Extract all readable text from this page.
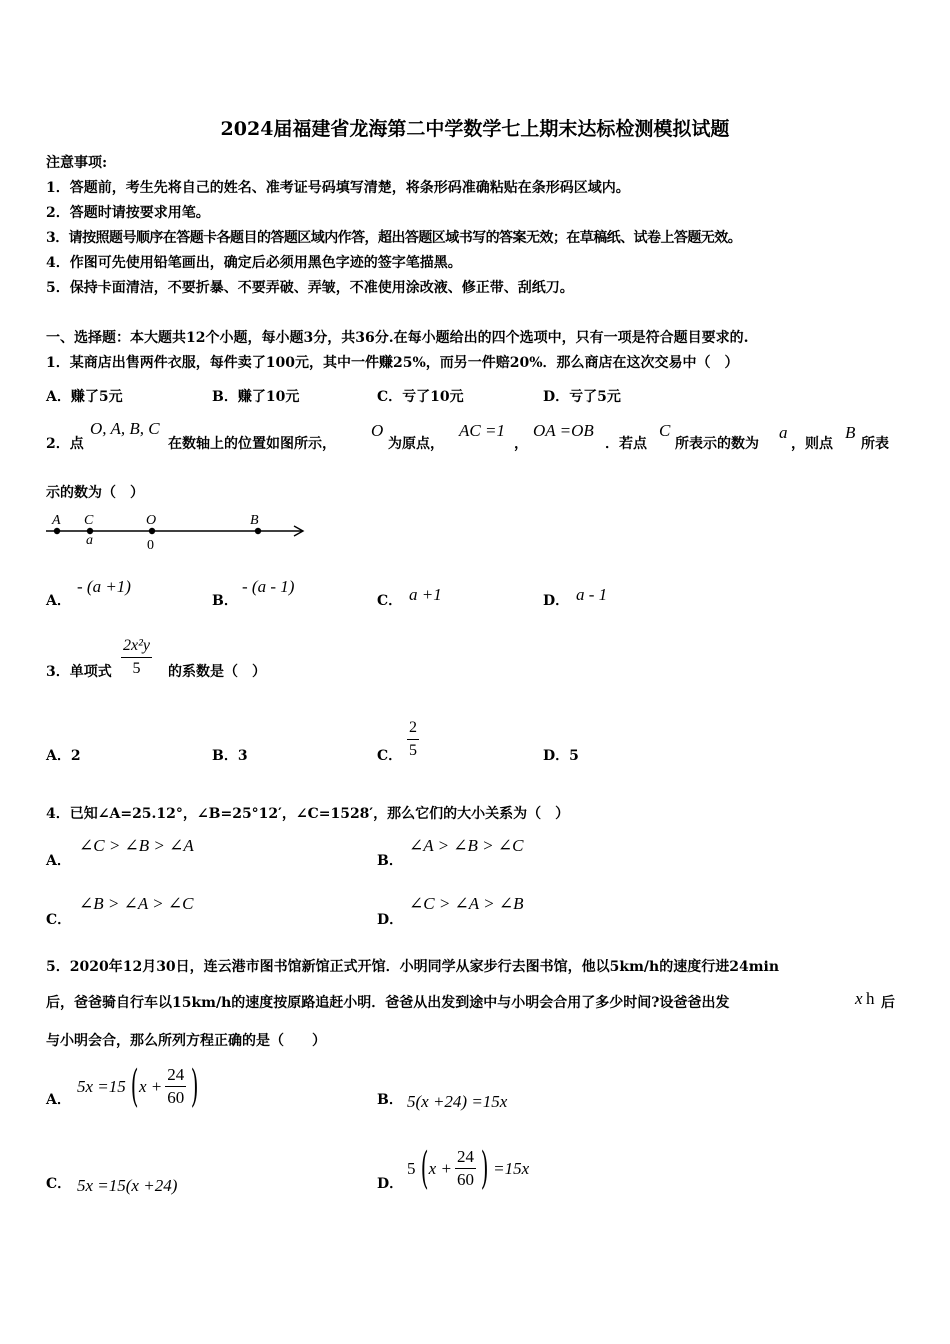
2024届福建省龙海第二中学数学七上期末达标检测模拟试题
注意事项:
1．答题前，考生先将自己的姓名、准考证号码填写清楚，将条形码准确粘贴在条形码区域内。
2．答题时请按要求用笔。
3．请按照题号顺序在答题卡各题目的答题区域内作答，超出答题区域书写的答案无效；在草稿纸、试卷上答题无效。
4．作图可先使用铅笔画出，确定后必须用黑色字迹的签字笔描黑。
5．保持卡面清洁，不要折暴、不要弄破、弄皱，不准使用涂改液、修正带、刮纸刀。
一、选择题：本大题共12个小题，每小题3分，共36分.在每小题给出的四个选项中，只有一项是符合题目要求的.
1．某商店出售两件衣服，每件卖了100元，其中一件赚25%，而另一件赔20%．那么商店在这次交易中（　）
A．赚了5元	B．赚了10元	C．亏了10元	D．亏了5元
2．点
O, A, B, C
在数轴上的位置如图所示，
O
为原点，
AC =1
，
OA =OB
．若点
C
所表示的数为
a
，则点
B
所表
示的数为（　）
A C	O	B
a	0
A．
- (a +1)
B．
- (a - 1)
C． a +1	D． a - 1
3．单项式 $\frac{\text{2x²y}}{5}$ 的系数是（　）
A．2	B．3	C． $\frac{2}{5}$	D．5
4．已知∠A=25.12°，∠B=25°12′，∠C=1528′，那么它们的大小关系为（　）
A．
∠C > ∠B > ∠A
B．
∠A > ∠B > ∠C
C．
∠B > ∠A > ∠C
D．
∠C > ∠A > ∠B
5．2020年12月30日，连云港市图书馆新馆正式开馆．小明同学从家步行去图书馆，他以5km/h的速度行进24min
后，爸爸骑自行车以15km/h的速度按原路追赶小明．爸爸从出发到途中与小明会合用了多少时间?设爸爸出发	x h 后
与小明会合，那么所列方程正确的是（　　）
A．
5x =15 ( $x + \frac{24}{60}$ )	B． 5(x +24) =15x
C． 5x =15(x +24)	D．
5 ( $x + \frac{24}{60}$ ) =15x
